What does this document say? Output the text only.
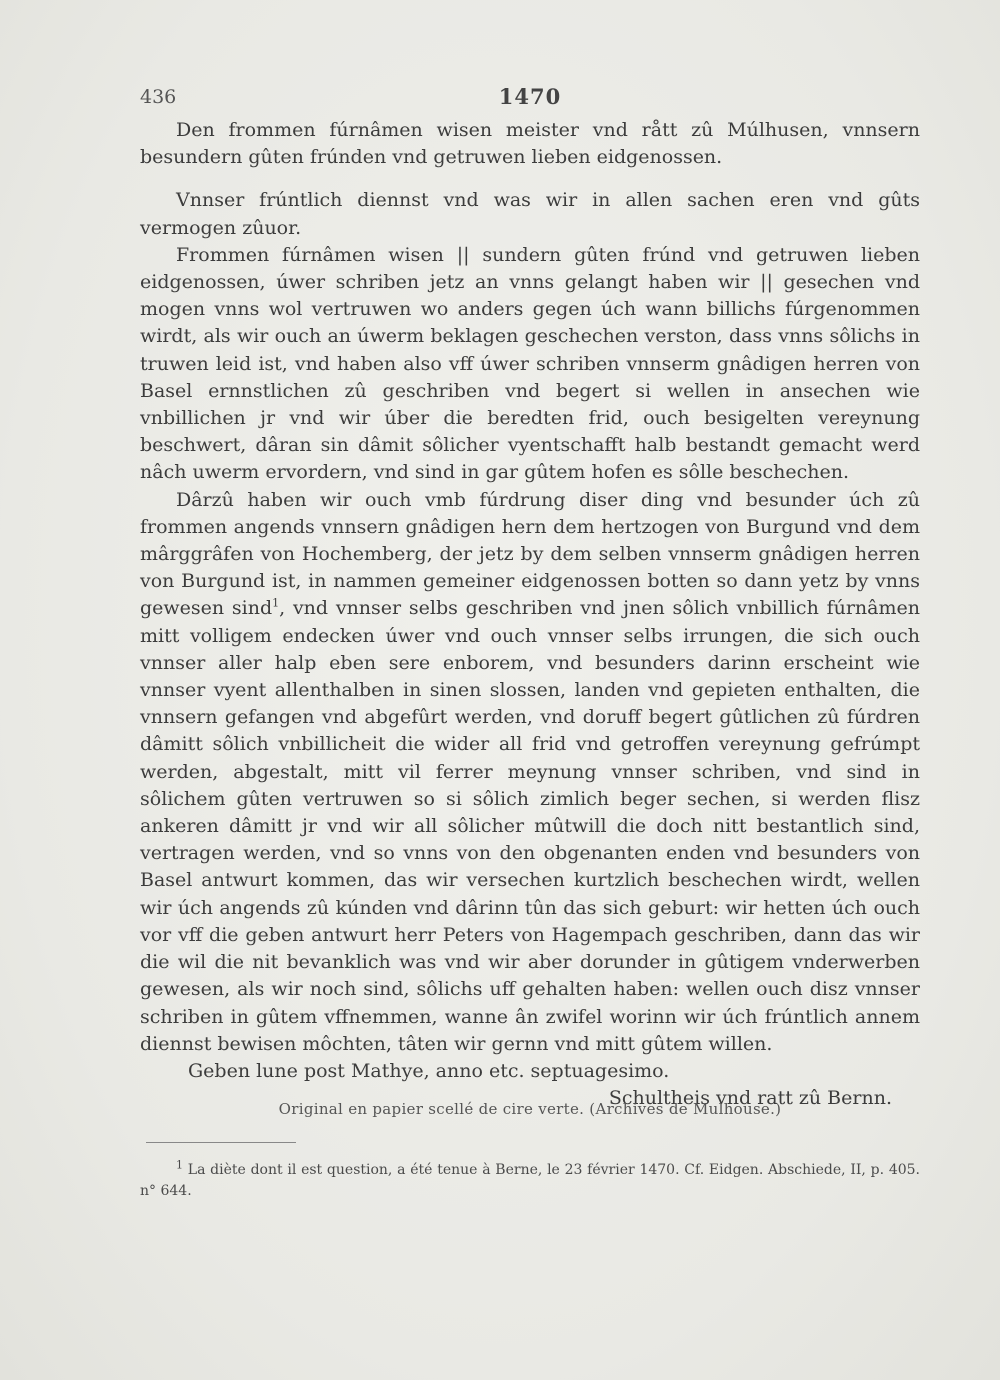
436	1470

Den frommen fúrnâmen wisen meister vnd rått zû Múlhusen, vnnsern besundern gûten frúnden vnd getruwen lieben eidgenossen.

Vnnser frúntlich diennst vnd was wir in allen sachen eren vnd gûts vermogen zûuor.

Frommen fúrnâmen wisen || sundern gûten frúnd vnd getruwen lieben eidgenossen, úwer schriben jetz an vnns gelangt haben wir || gesechen vnd mogen vnns wol vertruwen wo anders gegen úch wann billichs fúrgenommen wirdt, als wir ouch an úwerm beklagen geschechen verston, dass vnns sôlichs in truwen leid ist, vnd haben also vff úwer schriben vnnserm gnâdigen herren von Basel ernnstlichen zû geschriben vnd begert si wellen in ansechen wie vnbillichen jr vnd wir úber die beredten frid, ouch besigelten vereynung beschwert, dâran sin dâmit sôlicher vyentschafft halb bestandt gemacht werd nâch uwerm ervordern, vnd sind in gar gûtem hofen es sôlle beschechen.

Dârzû haben wir ouch vmb fúrdrung diser ding vnd besunder úch zû frommen angends vnnsern gnâdigen hern dem hertzogen von Burgund vnd dem mârggrâfen von Hochemberg, der jetz by dem selben vnnserm gnâdigen herren von Burgund ist, in nammen gemeiner eidgenossen botten so dann yetz by vnns gewesen sind$^1$, vnd vnnser selbs geschriben vnd jnen sôlich vnbillich fúrnâmen mitt volligem endecken úwer vnd ouch vnnser selbs irrungen, die sich ouch vnnser aller halp eben sere enborem, vnd besunders darinn erscheint wie vnnser vyent allenthalben in sinen slossen, landen vnd gepieten enthalten, die vnnsern gefangen vnd abgefûrt werden, vnd doruff begert gûtlichen zû fúrdren dâmitt sôlich vnbillicheit die wider all frid vnd getroffen vereynung gefrúmpt werden, abgestalt, mitt vil ferrer meynung vnnser schriben, vnd sind in sôlichem gûten vertruwen so si sôlich zimlich beger sechen, si werden flisz ankeren dâmitt jr vnd wir all sôlicher mûtwill die doch nitt bestantlich sind, vertragen werden, vnd so vnns von den obgenanten enden vnd besunders von Basel antwurt kommen, das wir versechen kurtzlich beschechen wirdt, wellen wir úch angends zû kúnden vnd dârinn tûn das sich geburt: wir hetten úch ouch vor vff die geben antwurt herr Peters von Hagempach geschriben, dann das wir die wil die nit bevanklich was vnd wir aber dorunder in gûtigem vnderwerben gewesen, als wir noch sind, sôlichs uff gehalten haben: wellen ouch disz vnnser schriben in gûtem vffnemmen, wanne ân zwifel worinn wir úch frúntlich annem diennst bewisen môchten, tâten wir gernn vnd mitt gûtem willen.

Geben lune post Mathye, anno etc. septuagesimo.

Schultheis vnd ratt zû Bernn.

Original en papier scellé de cire verte. (Archives de Mulhouse.)
$^1$ La diète dont il est question, a été tenue à Berne, le 23 février 1470. Cf. Eidgen. Abschiede, II, p. 405. n° 644.
